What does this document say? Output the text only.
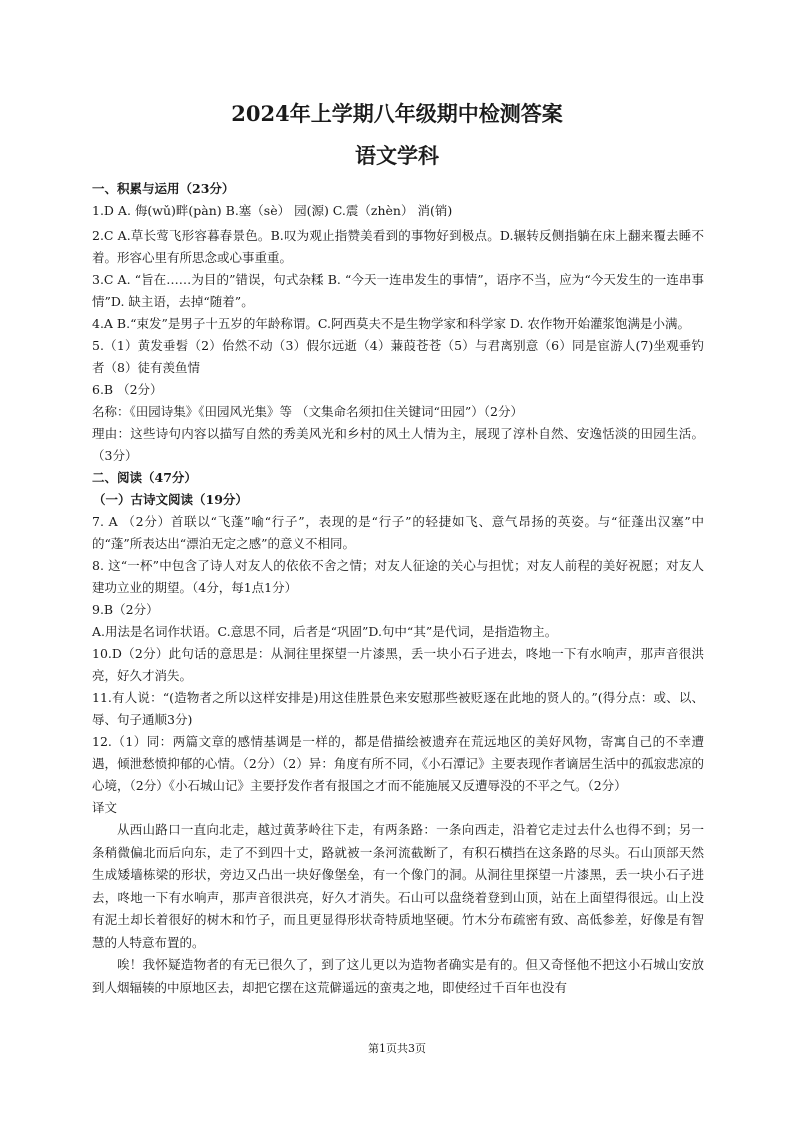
2024年上学期八年级期中检测答案
语文学科

一、积累与运用（23分）

1.D A. 侮(wǔ)畔(pàn) B.塞（sè） 园(源) C.震（zhèn） 消(销)

2.C A.草长莺飞形容暮春景色。B.叹为观止指赞美看到的事物好到极点。D.辗转反侧指躺在床上翻来覆去睡不着。形容心里有所思念或心事重重。

3.C A. “旨在……为目的”错误，句式杂糅 B. “今天一连串发生的事情”，语序不当，应为“今天发生的一连串事情”D. 缺主语，去掉“随着”。

4.A B.“束发”是男子十五岁的年龄称谓。C.阿西莫夫不是生物学家和科学家 D. 农作物开始灌浆饱满是小满。

5.（1）黄发垂髫（2）佁然不动（3）假尔远逝（4）蒹葭苍苍（5）与君离别意（6）同是宦游人(7)坐观垂钓者（8）徒有羡鱼情

6.B （2分）

名称：《田园诗集》《田园风光集》等 （文集命名须扣住关键词“田园”）（2分）

理由：这些诗句内容以描写自然的秀美风光和乡村的风土人情为主，展现了淳朴自然、安逸恬淡的田园生活。（3分）

二、阅读（47分）

（一）古诗文阅读（19分）

7. A （2分）首联以“飞蓬”喻“行子”，表现的是“行子”的轻捷如飞、意气昂扬的英姿。与“征蓬出汉塞”中的“蓬”所表达出“漂泊无定之感”的意义不相同。

8. 这“一杯”中包含了诗人对友人的依依不舍之情；对友人征途的关心与担忧；对友人前程的美好祝愿；对友人建功立业的期望。（4分，每1点1分）

9.B（2分）

A.用法是名词作状语。C.意思不同，后者是“巩固”D.句中“其”是代词，是指造物主。

10.D（2分）此句话的意思是：从洞往里探望一片漆黑，丢一块小石子进去，咚地一下有水响声，那声音很洪亮，好久才消失。

11.有人说：“(造物者之所以这样安排是)用这佳胜景色来安慰那些被贬逐在此地的贤人的。”(得分点：或、以、辱、句子通顺3分)

12.（1）同：两篇文章的感情基调是一样的，都是借描绘被遗弃在荒远地区的美好风物，寄寓自己的不幸遭遇，倾泄愁愤抑郁的心情。（2分）（2）异：角度有所不同，《小石潭记》主要表现作者谪居生活中的孤寂悲凉的心境，（2分）《小石城山记》主要抒发作者有报国之才而不能施展又反遭辱没的不平之气。（2分）

译文

从西山路口一直向北走，越过黄茅岭往下走，有两条路：一条向西走，沿着它走过去什么也得不到；另一条稍微偏北而后向东，走了不到四十丈，路就被一条河流截断了，有积石横挡在这条路的尽头。石山顶部天然生成矮墙栋梁的形状，旁边又凸出一块好像堡垒，有一个像门的洞。从洞往里探望一片漆黑，丢一块小石子进去，咚地一下有水响声，那声音很洪亮，好久才消失。石山可以盘绕着登到山顶，站在上面望得很远。山上没有泥土却长着很好的树木和竹子，而且更显得形状奇特质地坚硬。竹木分布疏密有致、高低参差，好像是有智慧的人特意布置的。

唉！我怀疑造物者的有无已很久了，到了这儿更以为造物者确实是有的。但又奇怪他不把这小石城山安放到人烟辐辏的中原地区去，却把它摆在这荒僻遥远的蛮夷之地，即使经过千百年也没有

第1页共3页
